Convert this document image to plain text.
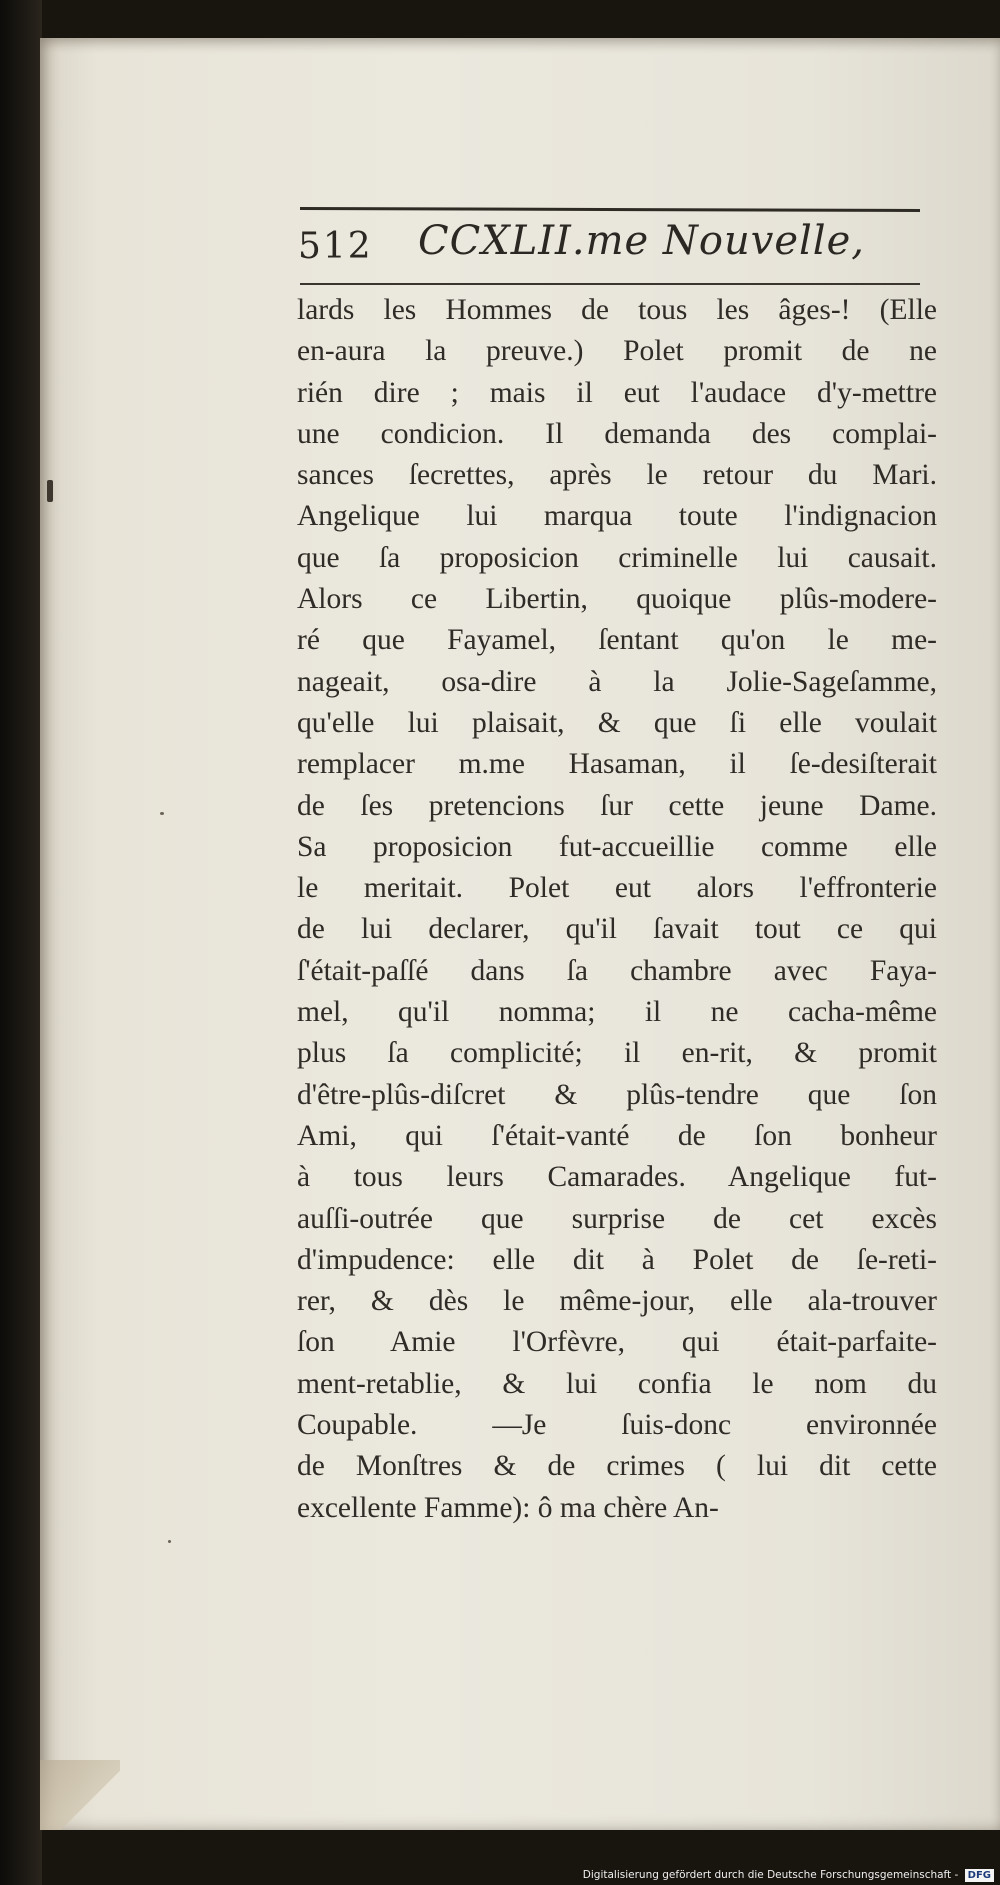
512 CCXLII.me Nouvelle,
lards les Hommes de tous les âges-! (Elle
en-aura la preuve.) Polet promit de ne
rién dire ; mais il eut l'audace d'y-mettre
une condicion. Il demanda des complai-
sances ſecrettes, après le retour du Mari.
Angelique lui marqua toute l'indignacion
que ſa proposicion criminelle lui causait.
Alors ce Libertin, quoique plûs-modere-
ré que Fayamel, ſentant qu'on le me-
nageait, osa-dire à la Jolie-Sageſamme,
qu'elle lui plaisait, & que ſi elle voulait
remplacer m.me Hasaman, il ſe-desiſterait
de ſes pretencions ſur cette jeune Dame.
Sa proposicion fut-accueillie comme elle
le meritait. Polet eut alors l'effronterie
de lui declarer, qu'il ſavait tout ce qui
ſ'était-paſſé dans ſa chambre avec Faya-
mel, qu'il nomma; il ne cacha-même
plus ſa complicité; il en-rit, & promit
d'être-plûs-diſcret & plûs-tendre que ſon
Ami, qui ſ'était-vanté de ſon bonheur
à tous leurs Camarades. Angelique fut-
auſſi-outrée que surprise de cet excès
d'impudence: elle dit à Polet de ſe-reti-
rer, & dès le même-jour, elle ala-trouver
ſon Amie l'Orfèvre, qui était-parfaite-
ment-retablie, & lui confia le nom du
Coupable. —Je ſuis-donc environnée
de Monſtres & de crimes ( lui dit cette
excellente Famme): ô ma chère An-
Digitalisierung gefördert durch die Deutsche Forschungsgemeinschaft - DFG
